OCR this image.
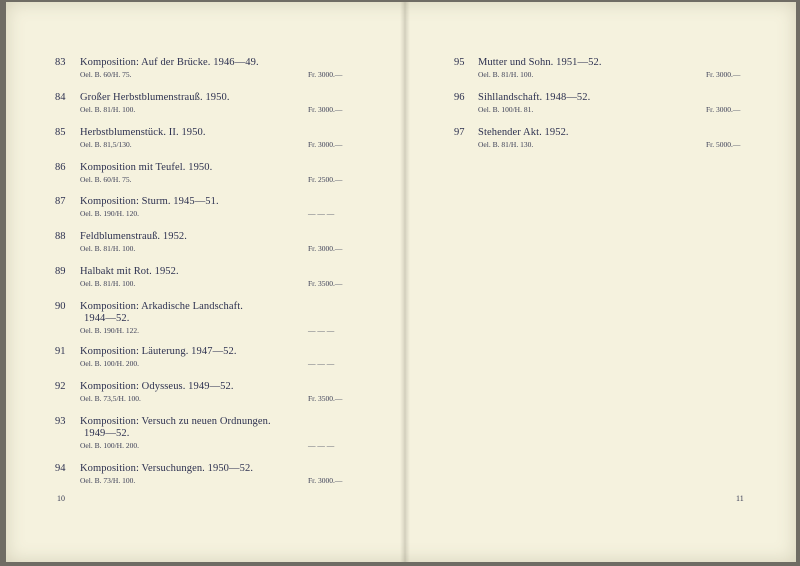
83	Komposition: Auf der Brücke. 1946—49.
Oel. B. 60/H. 75.	Fr. 3000.—
84	Großer Herbstblumenstrauß. 1950.
Oel. B. 81/H. 100.	Fr. 3000.—
85	Herbstblumenstück. II. 1950.
Oel. B. 81,5/130.	Fr. 3000.—
86	Komposition mit Teufel. 1950.
Oel. B. 60/H. 75.	Fr. 2500.—
87	Komposition: Sturm. 1945—51.
Oel. B. 190/H. 120.	— — —
88	Feldblumenstrauß. 1952.
Oel. B. 81/H. 100.	Fr. 3000.—
89	Halbakt mit Rot. 1952.
Oel. B. 81/H. 100.	Fr. 3500.—
90	Komposition: Arkadische Landschaft.
1944—52.
Oel. B. 190/H. 122.	— — —
91	Komposition: Läuterung. 1947—52.
Oel. B. 100/H. 200.	— — —
92	Komposition: Odysseus. 1949—52.
Oel. B. 73,5/H. 100.	Fr. 3500.—
93	Komposition: Versuch zu neuen Ordnungen.
1949—52.
Oel. B. 100/H. 200.	— — —
94	Komposition: Versuchungen. 1950—52.
Oel. B. 73/H. 100.	Fr. 3000.—
10
95	Mutter und Sohn. 1951—52.
Oel. B. 81/H. 100.	Fr. 3000.—
96	Sihllandschaft. 1948—52.
Oel. B. 100/H. 81.	Fr. 3000.—
97	Stehender Akt. 1952.
Oel. B. 81/H. 130.	Fr. 5000.—
11
